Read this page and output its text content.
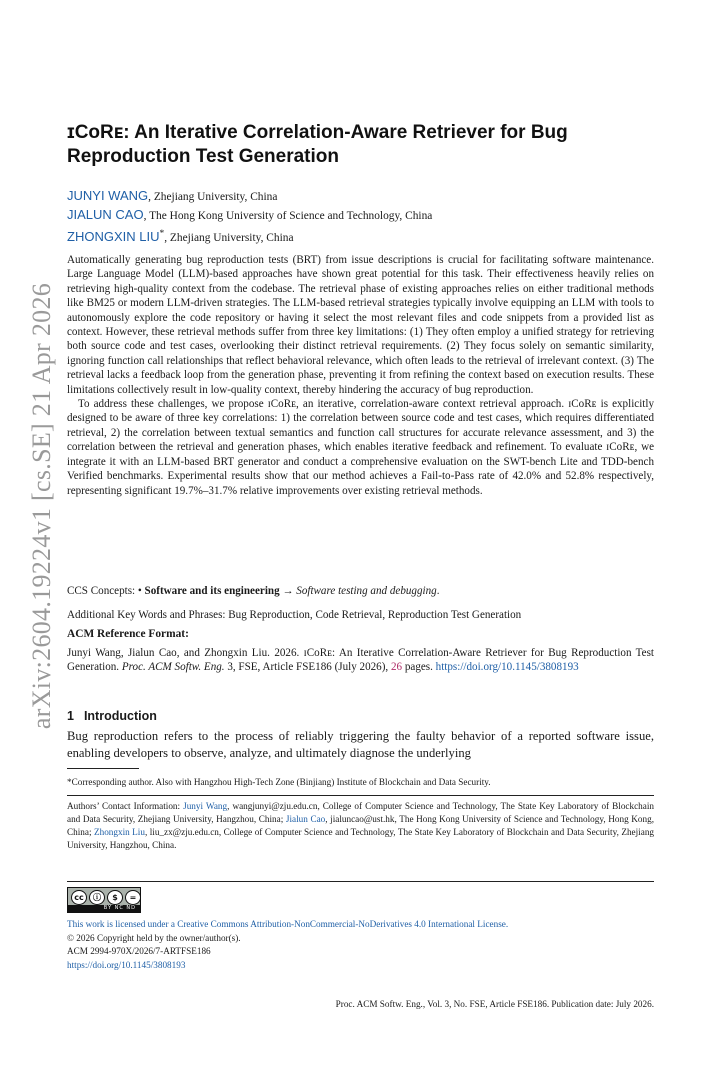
arXiv:2604.19224v1 [cs.SE] 21 Apr 2026
ɪCᴏRᴇ: An Iterative Correlation-Aware Retriever for Bug Reproduction Test Generation
JUNYI WANG, Zhejiang University, China
JIALUN CAO, The Hong Kong University of Science and Technology, China
ZHONGXIN LIU*, Zhejiang University, China

Automatically generating bug reproduction tests (BRT) from issue descriptions is crucial for facilitating software maintenance. Large Language Model (LLM)-based approaches have shown great potential for this task. Their effectiveness heavily relies on retrieving high-quality context from the codebase. The retrieval phase of existing approaches relies on either traditional methods like BM25 or modern LLM-driven strategies. The LLM-based retrieval strategies typically involve equipping an LLM with tools to autonomously explore the code repository or having it select the most relevant files and code snippets from a provided list as context. However, these retrieval methods suffer from three key limitations: (1) They often employ a unified strategy for retrieving both source code and test cases, overlooking their distinct retrieval requirements. (2) They focus solely on semantic similarity, ignoring function call relationships that reflect behavioral relevance, which often leads to the retrieval of irrelevant context. (3) The retrieval lacks a feedback loop from the generation phase, preventing it from refining the context based on execution results. These limitations collectively result in low-quality context, thereby hindering the accuracy of bug reproduction.

To address these challenges, we propose ɪCᴏRᴇ, an iterative, correlation-aware context retrieval approach. ɪCᴏRᴇ is explicitly designed to be aware of three key correlations: 1) the correlation between source code and test cases, which requires differentiated retrieval, 2) the correlation between textual semantics and function call structures for accurate relevance assessment, and 3) the correlation between the retrieval and generation phases, which enables iterative feedback and refinement. To evaluate ɪCᴏRᴇ, we integrate it with an LLM-based BRT generator and conduct a comprehensive evaluation on the SWT-bench Lite and TDD-bench Verified benchmarks. Experimental results show that our method achieves a Fail-to-Pass rate of 42.0% and 52.8% respectively, representing significant 19.7%–31.7% relative improvements over existing retrieval methods.

CCS Concepts: • Software and its engineering → Software testing and debugging.
Additional Key Words and Phrases: Bug Reproduction, Code Retrieval, Reproduction Test Generation
ACM Reference Format:
Junyi Wang, Jialun Cao, and Zhongxin Liu. 2026. ɪCᴏRᴇ: An Iterative Correlation-Aware Retriever for Bug Reproduction Test Generation. Proc. ACM Softw. Eng. 3, FSE, Article FSE186 (July 2026), 26 pages. https://doi.org/10.1145/3808193
1 Introduction
Bug reproduction refers to the process of reliably triggering the faulty behavior of a reported software issue, enabling developers to observe, analyze, and ultimately diagnose the underlying
*Corresponding author. Also with Hangzhou High-Tech Zone (Binjiang) Institute of Blockchain and Data Security.
Authors’ Contact Information: Junyi Wang, wangjunyi@zju.edu.cn, College of Computer Science and Technology, The State Key Laboratory of Blockchain and Data Security, Zhejiang University, Hangzhou, China; Jialun Cao, jialuncao@ust.hk, The Hong Kong University of Science and Technology, Hong Kong, China; Zhongxin Liu, liu_zx@zju.edu.cn, College of Computer Science and Technology, The State Key Laboratory of Blockchain and Data Security, Zhejiang University, Hangzhou, China.
cc	ⓘ	$	=
BY NC ND
This work is licensed under a Creative Commons Attribution-NonCommercial-NoDerivatives 4.0 International License.
© 2026 Copyright held by the owner/author(s).
ACM 2994-970X/2026/7-ARTFSE186
https://doi.org/10.1145/3808193
Proc. ACM Softw. Eng., Vol. 3, No. FSE, Article FSE186. Publication date: July 2026.
